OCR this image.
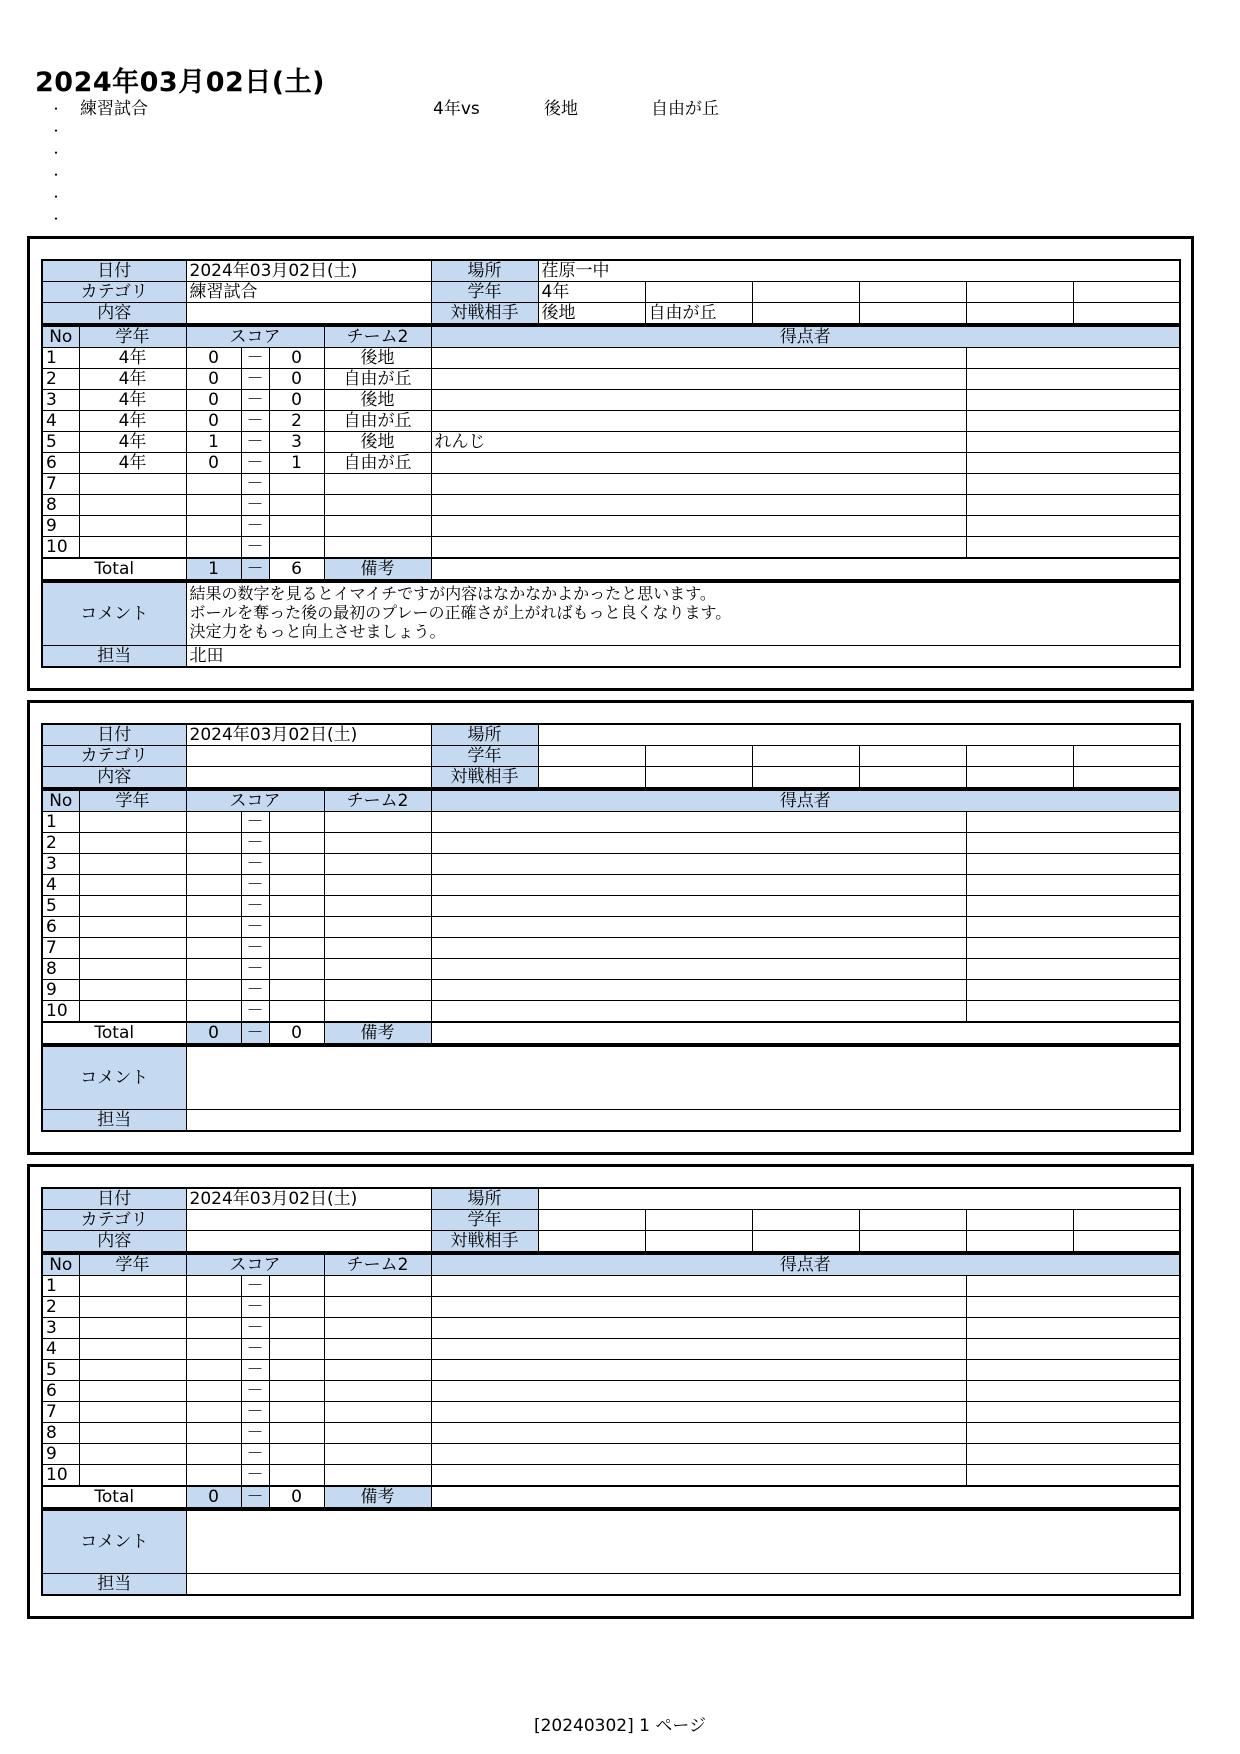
2024年03月02日(土)
・ 練習試合	4年vs	後地	自由が丘
・
・
・
・
・
日付	2024年03月02日(土)	場所	荏原一中					
カテゴリ	練習試合	学年	4年					
内容		対戦相手	後地	自由が丘				
No	学年	スコア			チーム2	得点者	
1	4年	0	－	0	後地		
2	4年	0	－	0	自由が丘		
3	4年	0	－	0	後地		
4	4年	0	－	2	自由が丘		
5	4年	1	－	3	後地	れんじ	
6	4年	0	－	1	自由が丘		
7			－				
8			－				
9			－				
10			－				
Total		1	－	6	備考		
コメント	結果の数字を見るとイマイチですが内容はなかなかよかったと思います。
ボールを奪った後の最初のプレーの正確さが上がればもっと良くなります。
決定力をもっと向上させましょう。

担当	北田
日付	2024年03月02日(土)	場所						
カテゴリ		学年						
内容		対戦相手						
No	学年	スコア			チーム2	得点者	
1			－				
2			－				
3			－				
4			－				
5			－				
6			－				
7			－				
8			－				
9			－				
10			－				
Total		0	－	0	備考		
コメント	

担当	
日付	2024年03月02日(土)	場所						
カテゴリ		学年						
内容		対戦相手						
No	学年	スコア			チーム2	得点者	
1			－				
2			－				
3			－				
4			－				
5			－				
6			－				
7			－				
8			－				
9			－				
10			－				
Total		0	－	0	備考		
コメント	

担当	
[20240302] 1 ページ
